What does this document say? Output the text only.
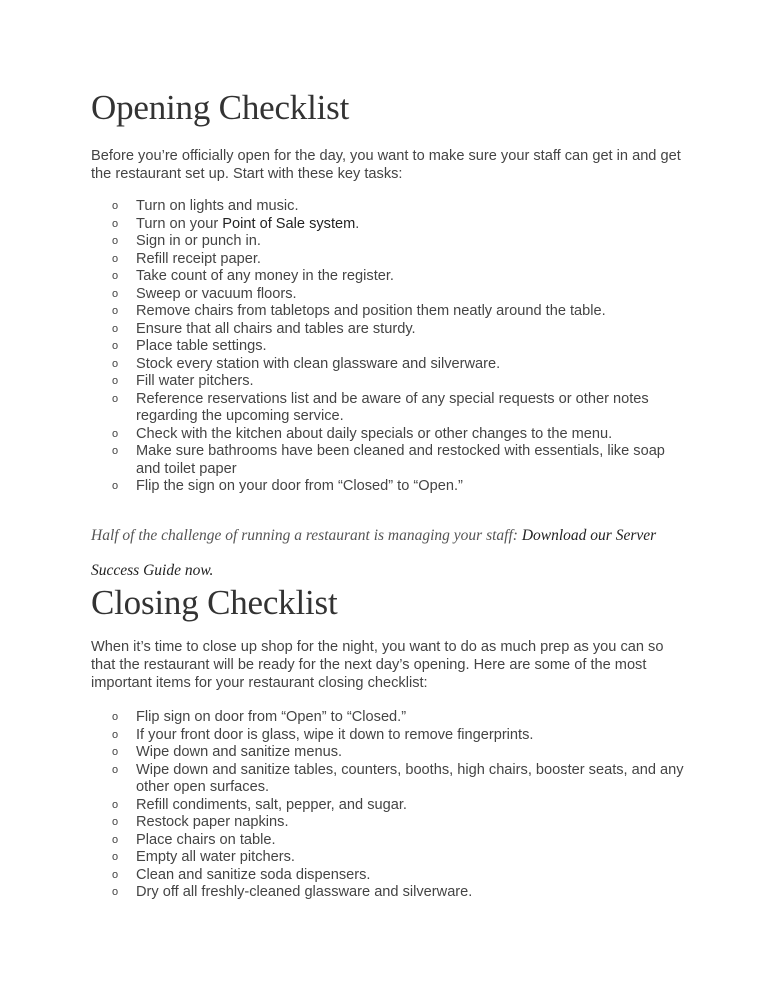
Opening Checklist

Before you’re officially open for the day, you want to make sure your staff can get in and get the restaurant set up. Start with these key tasks:

o Turn on lights and music.
o Turn on your Point of Sale system.
o Sign in or punch in.
o Refill receipt paper.
o Take count of any money in the register.
o Sweep or vacuum floors.
o Remove chairs from tabletops and position them neatly around the table.
o Ensure that all chairs and tables are sturdy.
o Place table settings.
o Stock every station with clean glassware and silverware.
o Fill water pitchers.
o Reference reservations list and be aware of any special requests or other notes regarding the upcoming service.
o Check with the kitchen about daily specials or other changes to the menu.
o Make sure bathrooms have been cleaned and restocked with essentials, like soap and toilet paper
o Flip the sign on your door from “Closed” to “Open.”

Half of the challenge of running a restaurant is managing your staff: Download our Server Success Guide now.

Closing Checklist

When it’s time to close up shop for the night, you want to do as much prep as you can so that the restaurant will be ready for the next day’s opening. Here are some of the most important items for your restaurant closing checklist:

o Flip sign on door from “Open” to “Closed.”
o If your front door is glass, wipe it down to remove fingerprints.
o Wipe down and sanitize menus.
o Wipe down and sanitize tables, counters, booths, high chairs, booster seats, and any other open surfaces.
o Refill condiments, salt, pepper, and sugar.
o Restock paper napkins.
o Place chairs on table.
o Empty all water pitchers.
o Clean and sanitize soda dispensers.
o Dry off all freshly-cleaned glassware and silverware.
